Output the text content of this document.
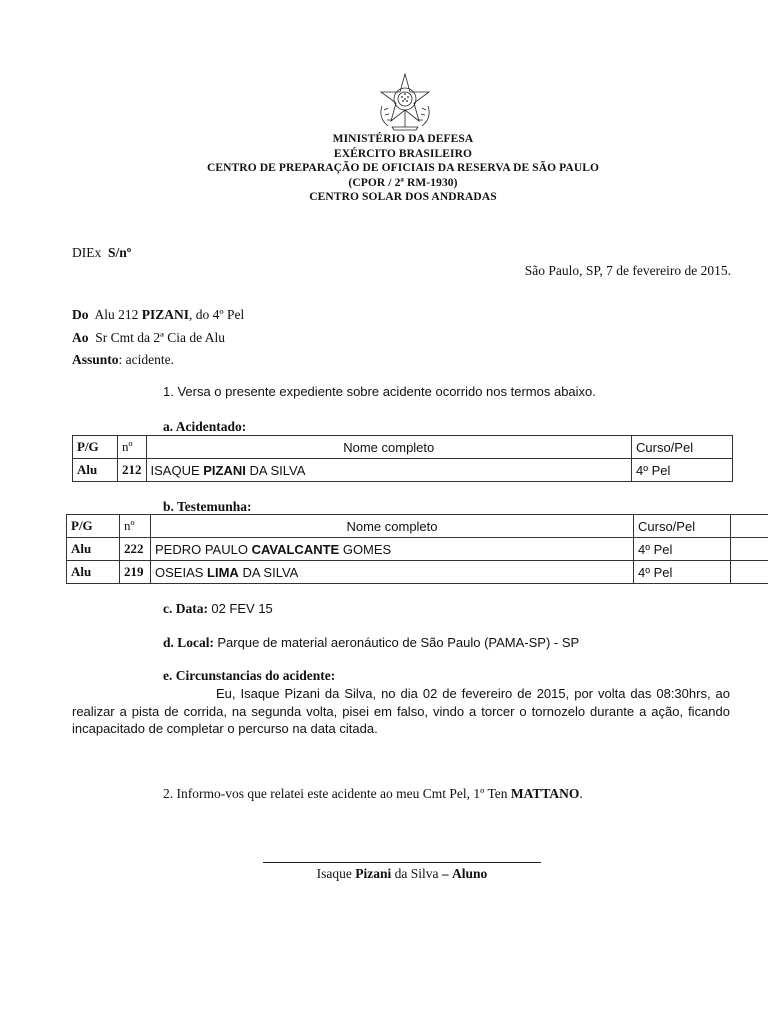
MINISTÉRIO DA DEFESA
EXÉRCITO BRASILEIRO
CENTRO DE PREPARAÇÃO DE OFICIAIS DA RESERVA DE SÃO PAULO
(CPOR / 2ª RM-1930)
CENTRO SOLAR DOS ANDRADAS
DIEx S/nº
São Paulo, SP, 7 de fevereiro de 2015.
Do Alu 212 PIZANI, do 4º Pel
Ao Sr Cmt da 2ª Cia de Alu
Assunto: acidente.
1. Versa o presente expediente sobre acidente ocorrido nos termos abaixo.
a. Acidentado:
P/G	nº	Nome completo	Curso/Pel
Alu	212	ISAQUE PIZANI DA SILVA	4º Pel
b. Testemunha:
P/G	nº	Nome completo	Curso/Pel	
Alu	222	PEDRO PAULO CAVALCANTE GOMES	4º Pel	
Alu	219	OSEIAS LIMA DA SILVA	4º Pel	
c. Data: 02 FEV 15
d. Local: Parque de material aeronáutico de São Paulo (PAMA-SP) - SP
e. Circunstancias do acidente:
Eu, Isaque Pizani da Silva, no dia 02 de fevereiro de 2015, por volta das 08:30hrs, ao realizar a pista de corrida, na segunda volta, pisei em falso, vindo a torcer o tornozelo durante a ação, ficando incapacitado de completar o percurso na data citada.
2. Informo-vos que relatei este acidente ao meu Cmt Pel, 1º Ten MATTANO.
Isaque Pizani da Silva – Aluno
